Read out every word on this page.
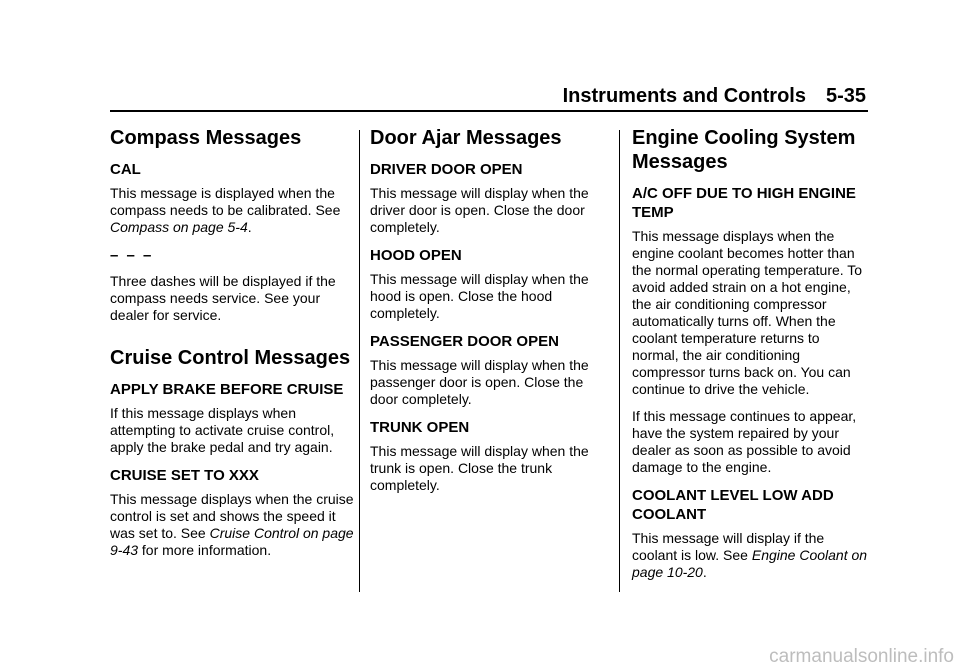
Instruments and Controls 5-35
Compass Messages
CAL

This message is displayed when the compass needs to be calibrated. See Compass on page 5-4.

– – –

Three dashes will be displayed if the compass needs service. See your dealer for service.

Cruise Control Messages
APPLY BRAKE BEFORE CRUISE

If this message displays when attempting to activate cruise control, apply the brake pedal and try again.

CRUISE SET TO XXX

This message displays when the cruise control is set and shows the speed it was set to. See Cruise Control on page 9-43 for more information.

Door Ajar Messages
DRIVER DOOR OPEN

This message will display when the driver door is open. Close the door completely.

HOOD OPEN

This message will display when the hood is open. Close the hood completely.

PASSENGER DOOR OPEN

This message will display when the passenger door is open. Close the door completely.

TRUNK OPEN

This message will display when the trunk is open. Close the trunk completely.

Engine Cooling System Messages
A/C OFF DUE TO HIGH ENGINE TEMP

This message displays when the engine coolant becomes hotter than the normal operating temperature. To avoid added strain on a hot engine, the air conditioning compressor automatically turns off. When the coolant temperature returns to normal, the air conditioning compressor turns back on. You can continue to drive the vehicle.

If this message continues to appear, have the system repaired by your dealer as soon as possible to avoid damage to the engine.

COOLANT LEVEL LOW ADD COOLANT

This message will display if the coolant is low. See Engine Coolant on page 10-20.

carmanualsonline.info
